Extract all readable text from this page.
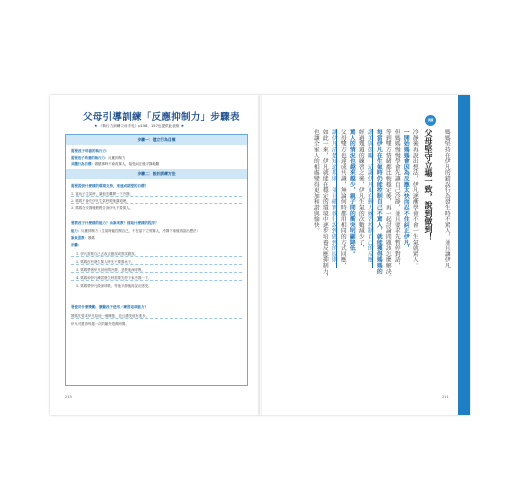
父母引導訓練「反應抑制力」步驟表
★ 《執行力訓練父母手札》p158、157也提供此表格 ★
步驟一：建立行為目標
需要孩子培養的執行力：
需要孩子培養的執行力：反應抑制力
具體行為目標：做錯事時不會再罵人，接受糾正後平靜地聽
步驟二：設計訓練方法
需要提供什麼樣的環境支持，來達成期望的目標？
1. 當孩子生氣時，讓他先離開一下冷靜。
2. 媽媽不會在伊凡生氣時跟他講道理。
3. 媽媽在安靜後輕輕告訴伊凡不要罵人。
要教孩子什麼樣的能力？由誰來教？採取什麼樣的程序？
能力：反應抑制力（生氣時能控制自己，不在當下立刻罵人，冷靜下來後再說出想法）
誰負責教：媽媽
步驟：
1. 伊凡需要自己去改正錯誤或嘗試錯誤。
2. 媽媽沒有發生罵人時先不要罵孩子。
3. 媽媽帶著伊凡到房間冷靜，並教他深呼吸。
4. 媽媽和伊凡練習發生時需要先停下來冷靜一下。
5. 媽媽帶伊凡做深呼吸，等他平靜後再說出感受。
要使用什麼獎勵，激勵孩子使用／練習這項能力？
媽媽先要求伊凡給他一個擁抱，並且讚美他有進步。
伊凡可獲得每週一次的額外遊戲時間。
213
訓練
父母堅守立場一致，說到做到！ 媽媽堅持在伊凡的錯誤行為發生時不罵人，並且讓伊凡
冷靜後再說出想法，伊凡逐漸學會不會一生氣就罵人。
一開始媽媽會因為反應太快而忍不住糾正伊凡，
但媽媽慢慢學會先讓自己冷靜，並且要求先暫停對話，
等到雙方情緒都比較穩定後，再一起討論問題該怎麼解決。
每當伊凡在生氣時仍能控制自己不罵人，就能獲得媽媽的
讚美與鼓勵，這讓伊凡更有動力練習控制自己的反應。
經過幾週的練習之後，伊凡生氣的次數減少了，
罵人的情況也越來越少，親子間的衝突明顯降低。
父母雙方也達成共識，無論何時都用相同的方式回應，
讓伊凡清楚知道規則，並且確實執行說到做到的原則。
如此一來，伊凡就能在穩定的環境中逐步培養反應抑制力，
也讓全家人的相處變得更加和諧與愉快。
211
